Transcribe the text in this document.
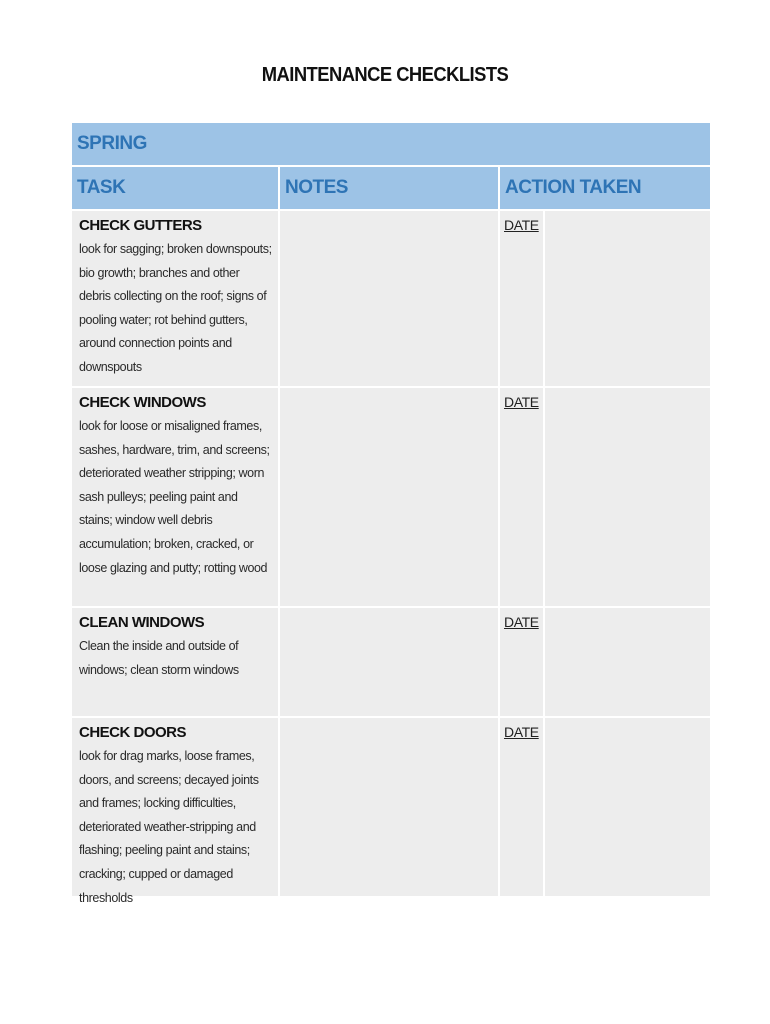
MAINTENANCE CHECKLISTS
SPRING
TASK	NOTES	ACTION TAKEN
CHECK GUTTERS
look for sagging; broken downspouts; bio growth; branches and other debris collecting on the roof; signs of pooling water; rot behind gutters, around connection points and downspouts
DATE
CHECK WINDOWS
look for loose or misaligned frames, sashes, hardware, trim, and screens; deteriorated weather stripping; worn sash pulleys; peeling paint and stains; window well debris accumulation; broken, cracked, or loose glazing and putty; rotting wood
DATE
CLEAN WINDOWS
Clean the inside and outside of windows; clean storm windows
DATE
CHECK DOORS
look for drag marks, loose frames, doors, and screens; decayed joints and frames; locking difficulties, deteriorated weather-stripping and flashing; peeling paint and stains; cracking; cupped or damaged thresholds
DATE
